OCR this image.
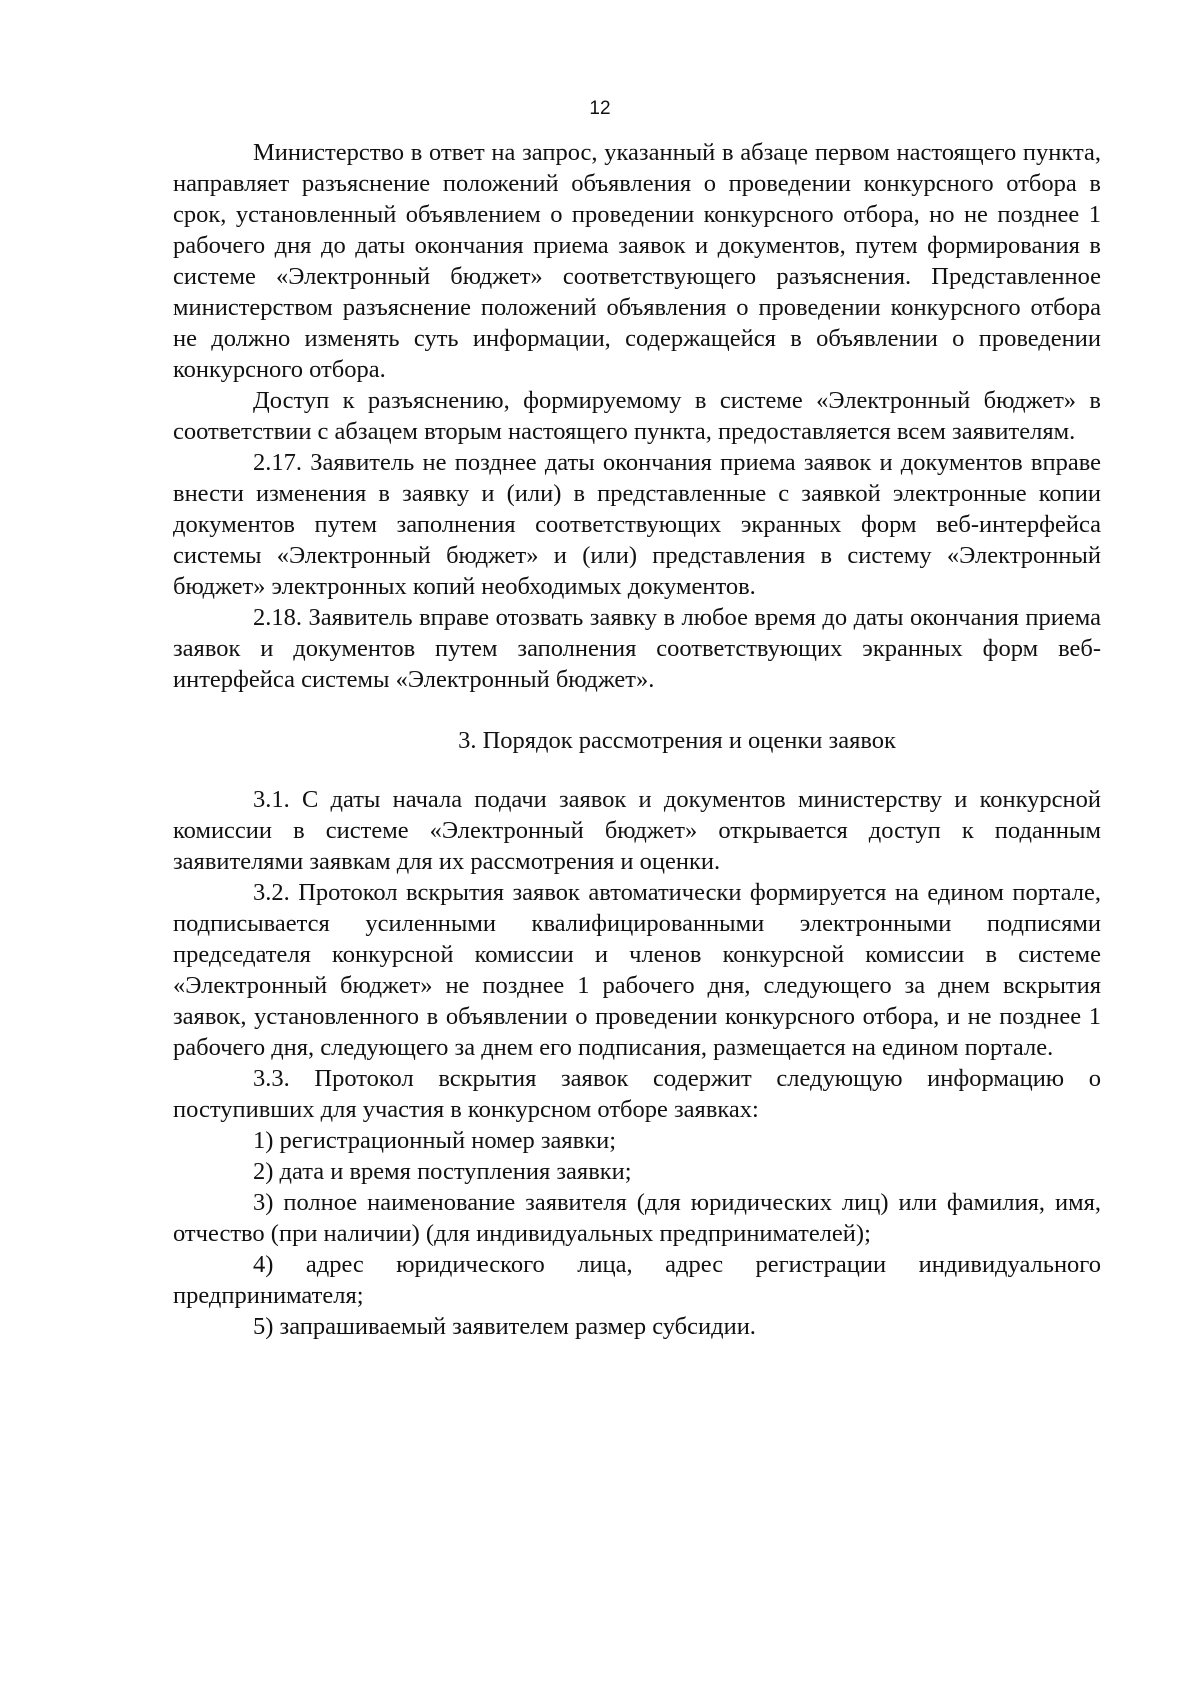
12

Министерство в ответ на запрос, указанный в абзаце первом настоящего пункта, направляет разъяснение положений объявления о проведении конкурсного отбора в срок, установленный объявлением о проведении конкурсного отбора, но не позднее 1 рабочего дня до даты окончания приема заявок и документов, путем формирования в системе «Электронный бюджет» соответствующего разъяснения. Представленное министерством разъяснение положений объявления о проведении конкурсного отбора не должно изменять суть информации, содержащейся в объявлении о проведении конкурсного отбора.

Доступ к разъяснению, формируемому в системе «Электронный бюджет» в соответствии с абзацем вторым настоящего пункта, предоставляется всем заявителям.

2.17. Заявитель не позднее даты окончания приема заявок и документов вправе внести изменения в заявку и (или) в представленные с заявкой электронные копии документов путем заполнения соответствующих экранных форм веб-интерфейса системы «Электронный бюджет» и (или) представления в систему «Электронный бюджет» электронных копий необходимых документов.

2.18. Заявитель вправе отозвать заявку в любое время до даты окончания приема заявок и документов путем заполнения соответствующих экранных форм веб-интерфейса системы «Электронный бюджет».

3. Порядок рассмотрения и оценки заявок

3.1. С даты начала подачи заявок и документов министерству и конкурсной комиссии в системе «Электронный бюджет» открывается доступ к поданным заявителями заявкам для их рассмотрения и оценки.

3.2. Протокол вскрытия заявок автоматически формируется на едином портале, подписывается усиленными квалифицированными электронными подписями председателя конкурсной комиссии и членов конкурсной комиссии в системе «Электронный бюджет» не позднее 1 рабочего дня, следующего за днем вскрытия заявок, установленного в объявлении о проведении конкурсного отбора, и не позднее 1 рабочего дня, следующего за днем его подписания, размещается на едином портале.

3.3. Протокол вскрытия заявок содержит следующую информацию о поступивших для участия в конкурсном отборе заявках:

1) регистрационный номер заявки;

2) дата и время поступления заявки;

3) полное наименование заявителя (для юридических лиц) или фамилия, имя, отчество (при наличии) (для индивидуальных предпринимателей);

4) адрес юридического лица, адрес регистрации индивидуального предпринимателя;

5) запрашиваемый заявителем размер субсидии.
